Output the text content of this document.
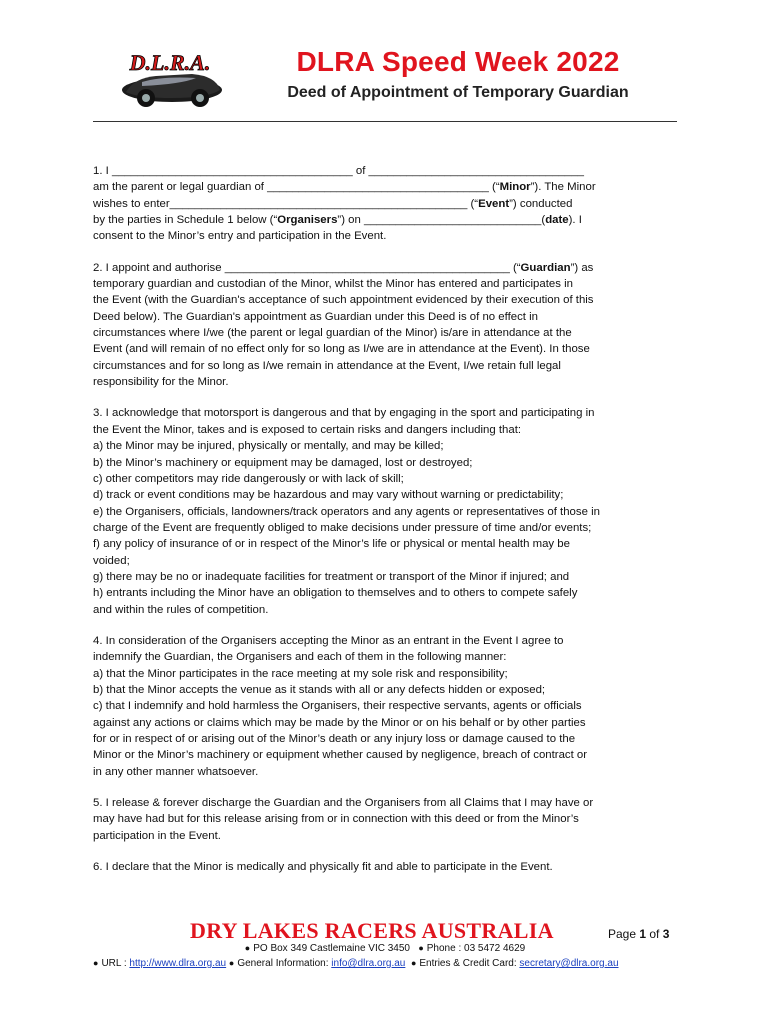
D.L.R.A.	DLRA Speed Week 2022
Deed of Appointment of Temporary Guardian

1. I ______________________________________ of __________________________________
am the parent or legal guardian of ___________________________________ (“Minor”). The Minor
wishes to enter_______________________________________________ (“Event”) conducted
by the parties in Schedule 1 below (“Organisers”) on ____________________________(date). I
consent to the Minor’s entry and participation in the Event.

2. I appoint and authorise _____________________________________________ (“Guardian”) as
temporary guardian and custodian of the Minor, whilst the Minor has entered and participates in
the Event (with the Guardian's acceptance of such appointment evidenced by their execution of this
Deed below). The Guardian's appointment as Guardian under this Deed is of no effect in
circumstances where I/we (the parent or legal guardian of the Minor) is/are in attendance at the
Event (and will remain of no effect only for so long as I/we are in attendance at the Event). In those
circumstances and for so long as I/we remain in attendance at the Event, I/we retain full legal
responsibility for the Minor.

3. I acknowledge that motorsport is dangerous and that by engaging in the sport and participating in
the Event the Minor, takes and is exposed to certain risks and dangers including that:
a) the Minor may be injured, physically or mentally, and may be killed;
b) the Minor’s machinery or equipment may be damaged, lost or destroyed;
c) other competitors may ride dangerously or with lack of skill;
d) track or event conditions may be hazardous and may vary without warning or predictability;
e) the Organisers, officials, landowners/track operators and any agents or representatives of those in
charge of the Event are frequently obliged to make decisions under pressure of time and/or events;
f) any policy of insurance of or in respect of the Minor’s life or physical or mental health may be
voided;
g) there may be no or inadequate facilities for treatment or transport of the Minor if injured; and
h) entrants including the Minor have an obligation to themselves and to others to compete safely
and within the rules of competition.

4. In consideration of the Organisers accepting the Minor as an entrant in the Event I agree to
indemnify the Guardian, the Organisers and each of them in the following manner:
a) that the Minor participates in the race meeting at my sole risk and responsibility;
b) that the Minor accepts the venue as it stands with all or any defects hidden or exposed;
c) that I indemnify and hold harmless the Organisers, their respective servants, agents or officials
against any actions or claims which may be made by the Minor or on his behalf or by other parties
for or in respect of or arising out of the Minor’s death or any injury loss or damage caused to the
Minor or the Minor’s machinery or equipment whether caused by negligence, breach of contract or
in any other manner whatsoever.

5. I release & forever discharge the Guardian and the Organisers from all Claims that I may have or
may have had but for this release arising from or in connection with this deed or from the Minor’s
participation in the Event.

6. I declare that the Minor is medically and physically fit and able to participate in the Event.

DRY LAKES RACERS AUSTRALIA	Page 1 of 3
● PO Box 349 Castlemaine VIC 3450 ● Phone : 03 5472 4629
● URL : http://www.dlra.org.au ● General Information: info@dlra.org.au ● Entries & Credit Card: secretary@dlra.org.au
